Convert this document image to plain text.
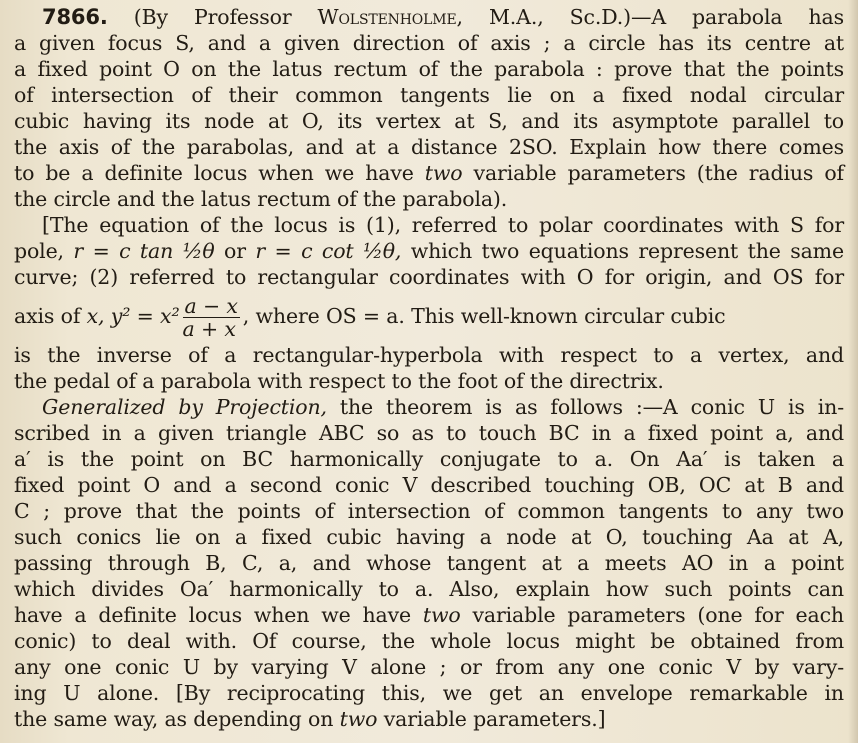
7866. (By Professor Wolstenholme, M.A., Sc.D.)—A parabola has
a given focus S, and a given direction of axis ; a circle has its centre at
a fixed point O on the latus rectum of the parabola : prove that the points
of intersection of their common tangents lie on a fixed nodal circular
cubic having its node at O, its vertex at S, and its asymptote parallel to
the axis of the parabolas, and at a distance 2SO. Explain how there comes
to be a definite locus when we have two variable parameters (the radius of
the circle and the latus rectum of the parabola).
[The equation of the locus is (1), referred to polar coordinates with S for
pole, r = c tan ½θ or r = c cot ½θ, which two equations represent the same
curve; (2) referred to rectangular coordinates with O for origin, and OS for
axis of x, $y^2 = x^2 \frac{a - x}{a + x}$ , where OS = a. This well-known circular cubic
is the inverse of a rectangular-hyperbola with respect to a vertex, and
the pedal of a parabola with respect to the foot of the directrix.
Generalized by Projection, the theorem is as follows :—A conic U is in-
scribed in a given triangle ABC so as to touch BC in a fixed point a, and
a′ is the point on BC harmonically conjugate to a. On Aa′ is taken a
fixed point O and a second conic V described touching OB, OC at B and
C ; prove that the points of intersection of common tangents to any two
such conics lie on a fixed cubic having a node at O, touching Aa at A,
passing through B, C, a, and whose tangent at a meets AO in a point
which divides Oa′ harmonically to a. Also, explain how such points can
have a definite locus when we have two variable parameters (one for each
conic) to deal with. Of course, the whole locus might be obtained from
any one conic U by varying V alone ; or from any one conic V by vary-
ing U alone. [By reciprocating this, we get an envelope remarkable in
the same way, as depending on two variable parameters.]
